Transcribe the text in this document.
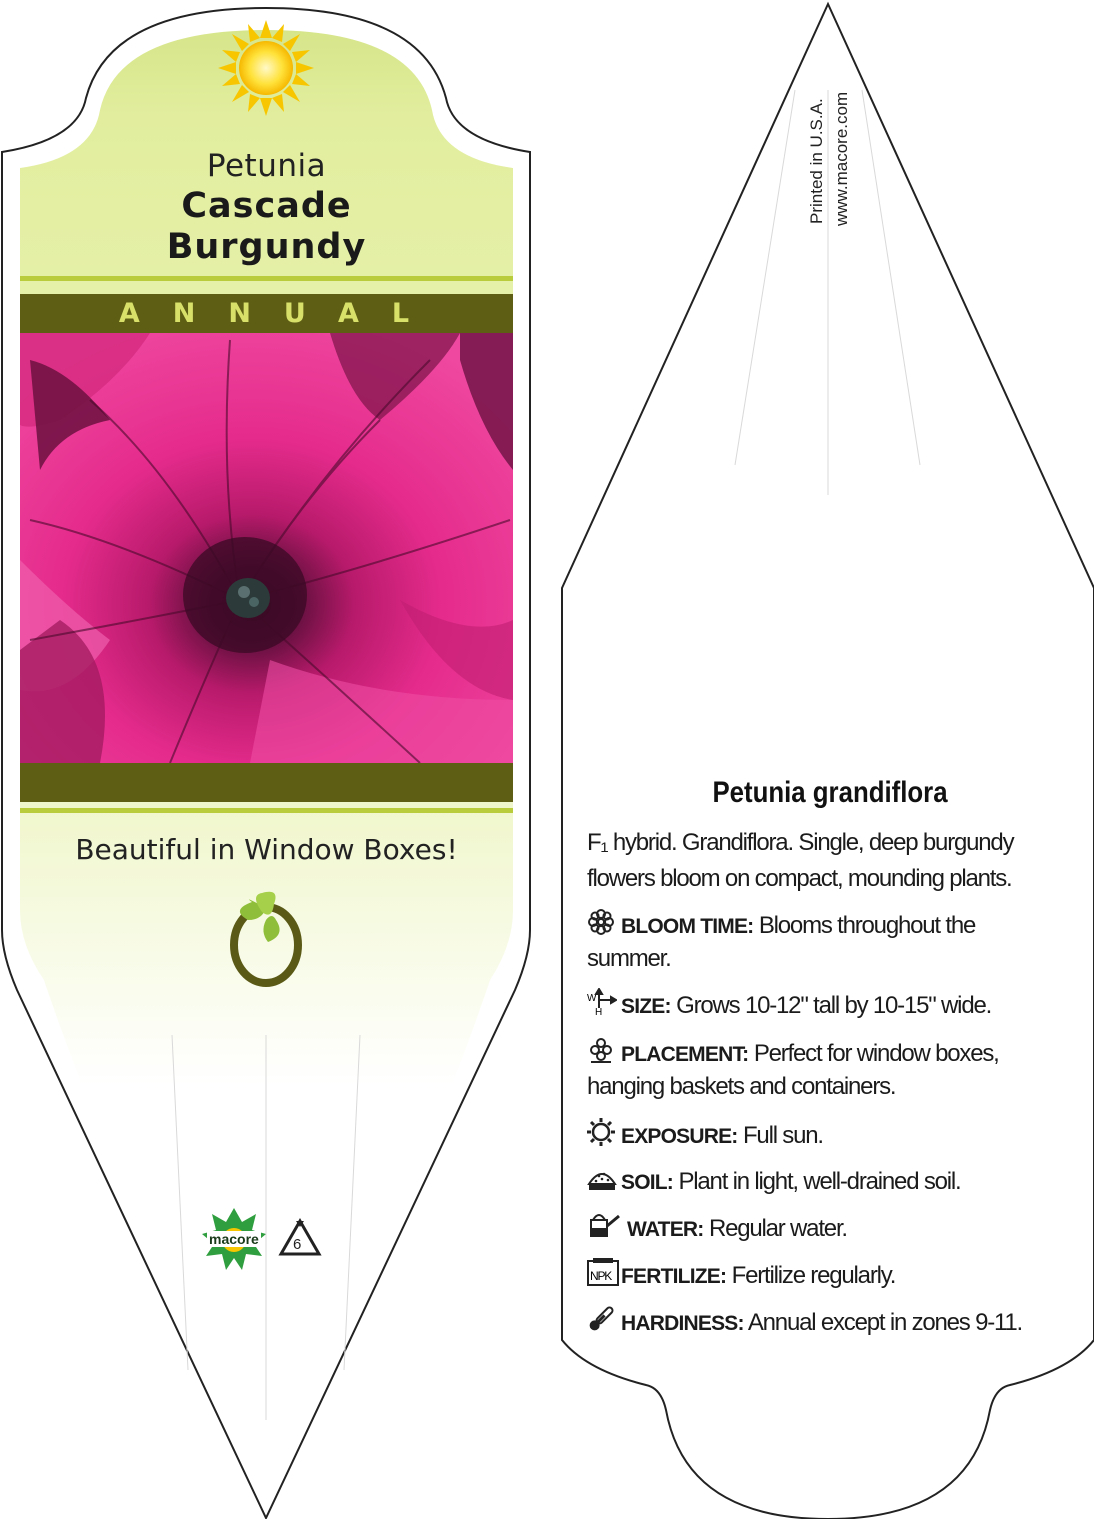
Petunia
Cascade
Burgundy
ANNUAL
Beautiful in Window Boxes!
macore 6
Printed in U.S.A. www.macore.com
Petunia grandiflora
F₁ hybrid. Grandiflora. Single, deep burgundy
flowers bloom on compact, mounding plants.
BLOOM TIME: Blooms throughout the
summer.
W
H SIZE: Grows 10-12" tall by 10-15" wide.
PLACEMENT: Perfect for window boxes,
hanging baskets and containers.
EXPOSURE: Full sun.
SOIL: Plant in light, well-drained soil.
WATER: Regular water.
NPK FERTILIZE: Fertilize regularly.
HARDINESS: Annual except in zones 9-11.
